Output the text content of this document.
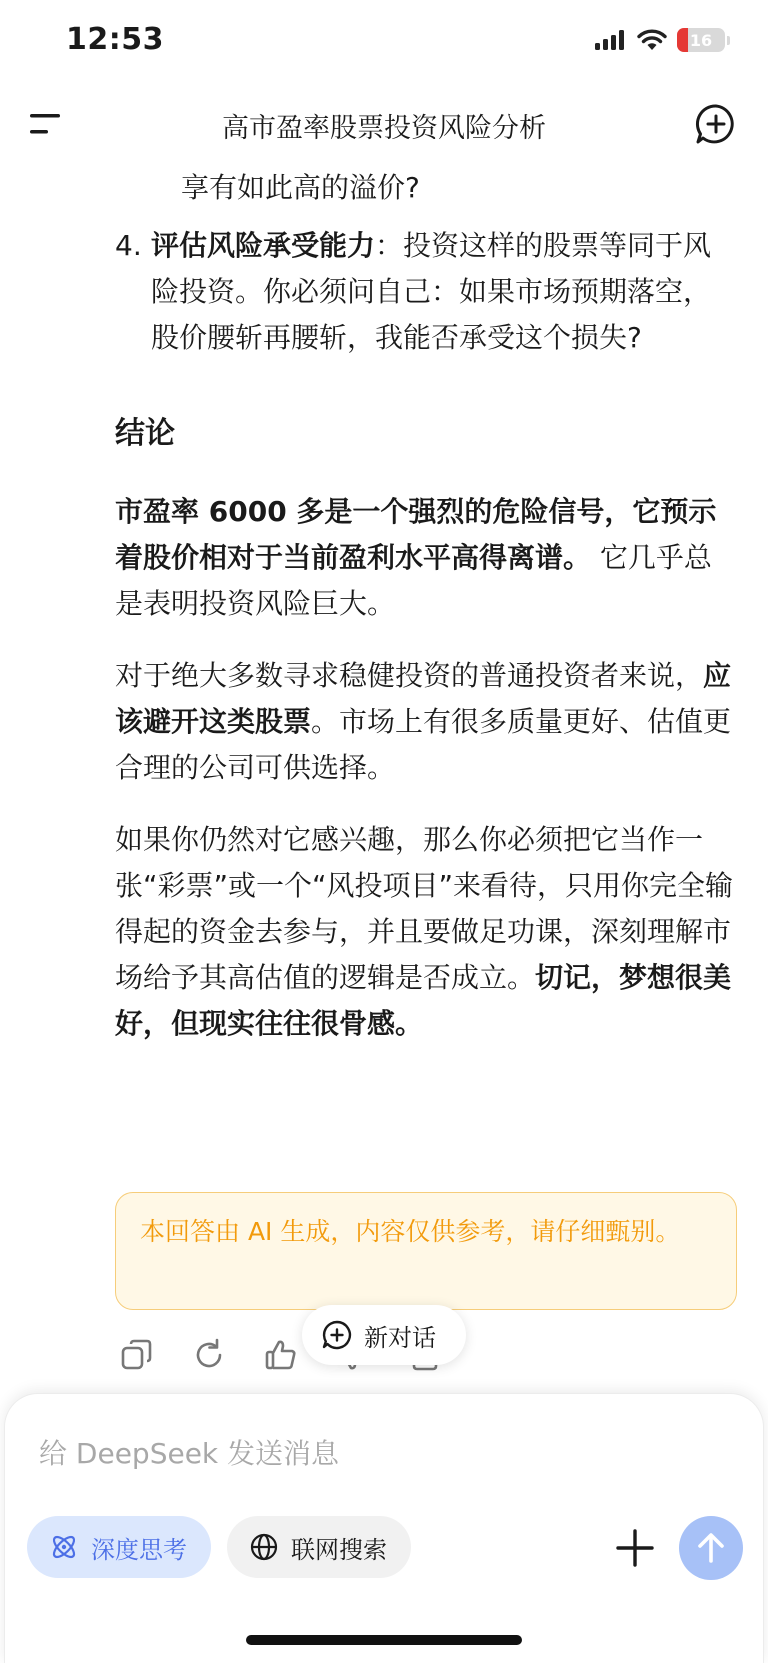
12:53	16
高市盈率股票投资风险分析

享有如此高的溢价?

4. 评估风险承受能力：投资这样的股票等同于风险投资。你必须问自己：如果市场预期落空，股价腰斩再腰斩，我能否承受这个损失?
结论

市盈率 6000 多是一个强烈的危险信号，它预示着股价相对于当前盈利水平高得离谱。 它几乎总是表明投资风险巨大。

对于绝大多数寻求稳健投资的普通投资者来说，应该避开这类股票。市场上有很多质量更好、估值更合理的公司可供选择。

如果你仍然对它感兴趣，那么你必须把它当作一张“彩票”或一个“风投项目”来看待，只用你完全输得起的资金去参与，并且要做足功课，深刻理解市场给予其高估值的逻辑是否成立。切记，梦想很美好，但现实往往很骨感。

本回答由 AI 生成，内容仅供参考，请仔细甄别。
新对话
给 DeepSeek 发送消息
深度思考	联网搜索
